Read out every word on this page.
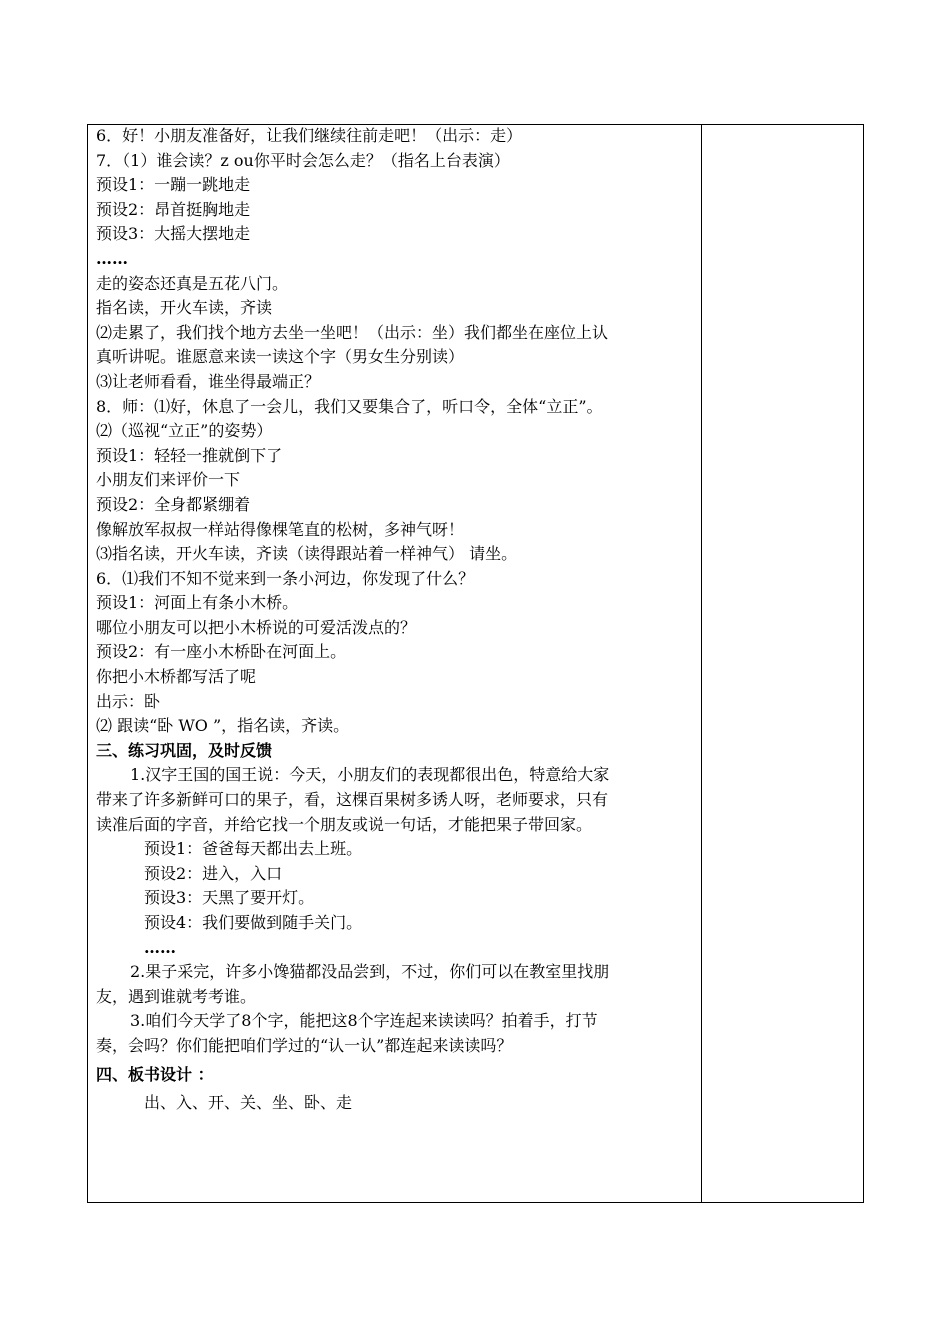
6．好！小朋友准备好，让我们继续往前走吧！（出示：走）
7．（1）谁会读？z ou你平时会怎么走？（指名上台表演）
预设1：一蹦一跳地走
预设2：昂首挺胸地走
预设3：大摇大摆地走
……
走的姿态还真是五花八门。
指名读，开火车读，齐读
⑵走累了，我们找个地方去坐一坐吧！（出示：坐）我们都坐在座位上认
真听讲呢。谁愿意来读一读这个字（男女生分别读）
⑶让老师看看，谁坐得最端正？
8．师：⑴好，休息了一会儿，我们又要集合了，听口令，全体“立正”。
⑵（巡视“立正”的姿势）
预设1：轻轻一推就倒下了
小朋友们来评价一下
预设2：全身都紧绷着
像解放军叔叔一样站得像棵笔直的松树，多神气呀！
⑶指名读，开火车读，齐读（读得跟站着一样神气） 请坐。
6．⑴我们不知不觉来到一条小河边，你发现了什么？
预设1：河面上有条小木桥。
哪位小朋友可以把小木桥说的可爱活泼点的？
预设2：有一座小木桥卧在河面上。
你把小木桥都写活了呢
出示：卧
⑵ 跟读“卧 WO ”，指名读，齐读。
三、练习巩固，及时反馈
1.汉字王国的国王说：今天，小朋友们的表现都很出色，特意给大家
带来了许多新鲜可口的果子，看，这棵百果树多诱人呀，老师要求，只有
读准后面的字音，并给它找一个朋友或说一句话，才能把果子带回家。
预设1：爸爸每天都出去上班。
预设2：进入，入口
预设3：天黑了要开灯。
预设4：我们要做到随手关门。
……
2.果子采完，许多小馋猫都没品尝到，不过，你们可以在教室里找朋
友，遇到谁就考考谁。
3.咱们今天学了8个字，能把这8个字连起来读读吗？拍着手，打节
奏，会吗？你们能把咱们学过的“认一认”都连起来读读吗？
四、板书设计 ：
出、入、开、关、坐、卧、走
